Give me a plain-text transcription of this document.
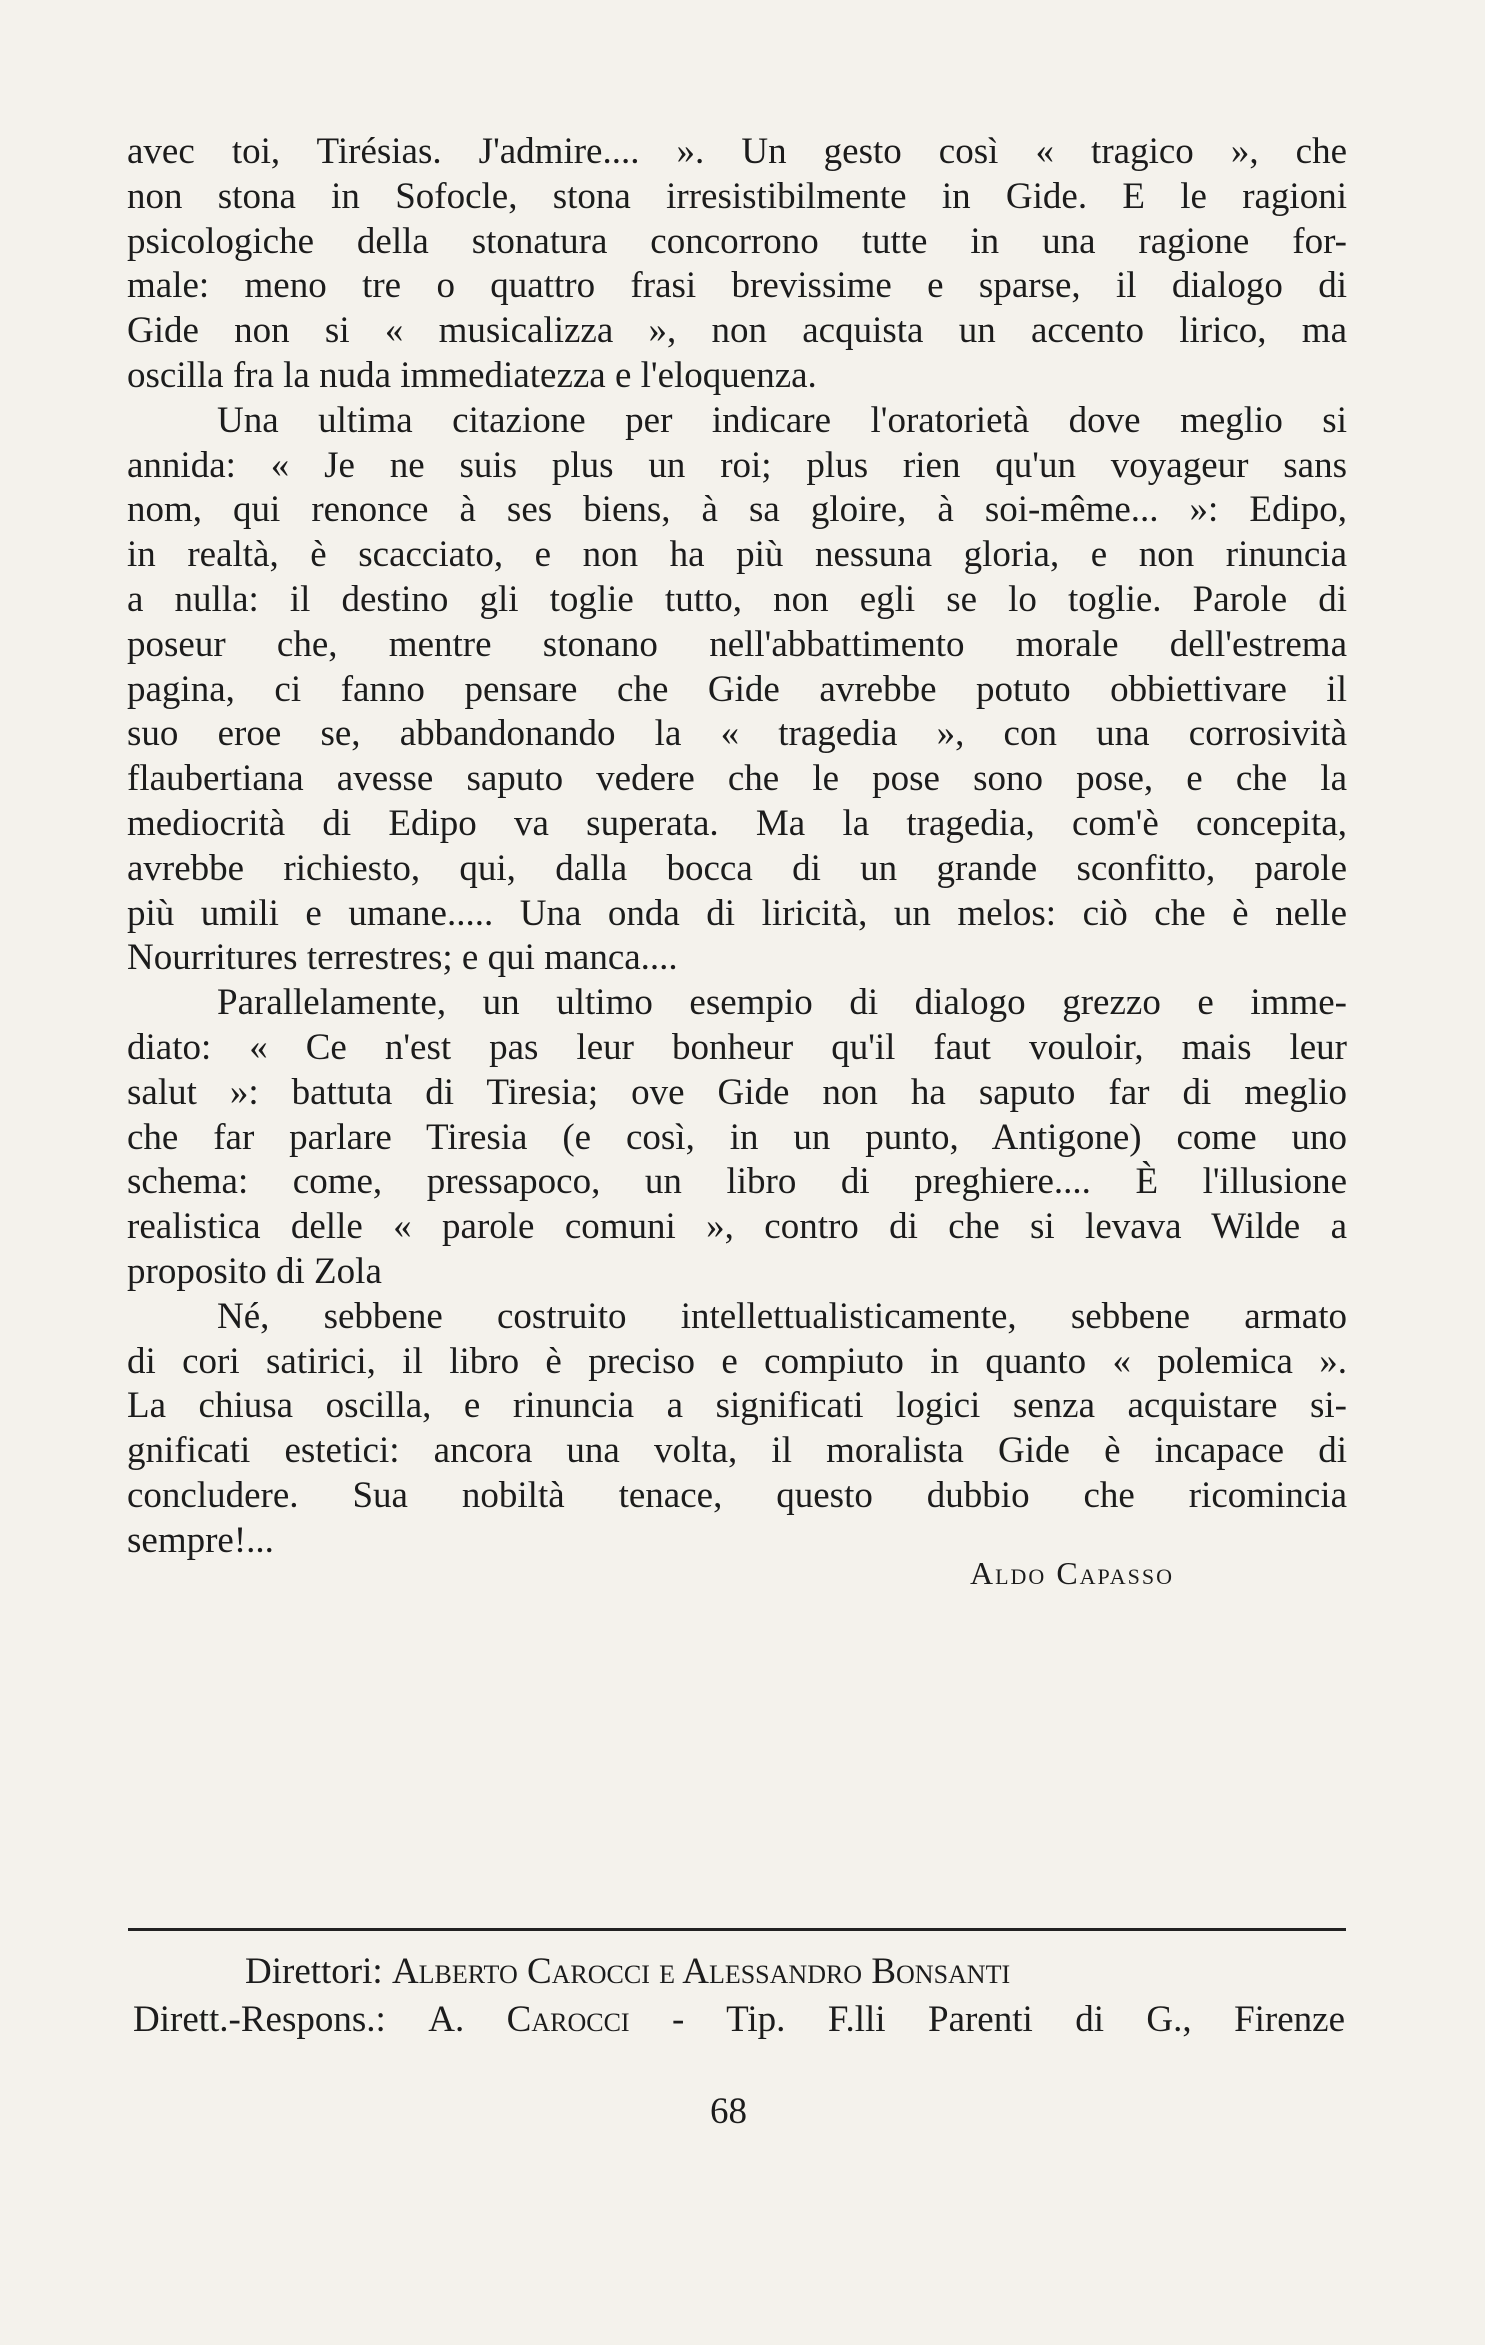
avec toi, Tirésias. J'admire.... ». Un gesto così « tragico », che
non stona in Sofocle, stona irresistibilmente in Gide. E le ragioni
psicologiche della stonatura concorrono tutte in una ragione for-
male: meno tre o quattro frasi brevissime e sparse, il dialogo di
Gide non si « musicalizza », non acquista un accento lirico, ma
oscilla fra la nuda immediatezza e l'eloquenza.
Una ultima citazione per indicare l'oratorietà dove meglio si
annida: « Je ne suis plus un roi; plus rien qu'un voyageur sans
nom, qui renonce à ses biens, à sa gloire, à soi-même... »: Edipo,
in realtà, è scacciato, e non ha più nessuna gloria, e non rinuncia
a nulla: il destino gli toglie tutto, non egli se lo toglie. Parole di
poseur che, mentre stonano nell'abbattimento morale dell'estrema
pagina, ci fanno pensare che Gide avrebbe potuto obbiettivare il
suo eroe se, abbandonando la « tragedia », con una corrosività
flaubertiana avesse saputo vedere che le pose sono pose, e che la
mediocrità di Edipo va superata. Ma la tragedia, com'è concepita,
avrebbe richiesto, qui, dalla bocca di un grande sconfitto, parole
più umili e umane..... Una onda di liricità, un melos: ciò che è nelle
Nourritures terrestres; e qui manca....
Parallelamente, un ultimo esempio di dialogo grezzo e imme-
diato: « Ce n'est pas leur bonheur qu'il faut vouloir, mais leur
salut »: battuta di Tiresia; ove Gide non ha saputo far di meglio
che far parlare Tiresia (e così, in un punto, Antigone) come uno
schema: come, pressapoco, un libro di preghiere.... È l'illusione
realistica delle « parole comuni », contro di che si levava Wilde a
proposito di Zola
Né, sebbene costruito intellettualisticamente, sebbene armato
di cori satirici, il libro è preciso e compiuto in quanto « polemica ».
La chiusa oscilla, e rinuncia a significati logici senza acquistare si-
gnificati estetici: ancora una volta, il moralista Gide è incapace di
concludere. Sua nobiltà tenace, questo dubbio che ricomincia
sempre!...
Aldo Capasso
Direttori: Alberto Carocci e Alessandro Bonsanti
Dirett.-Respons.: A. Carocci - Tip. F.lli Parenti di G., Firenze
68
